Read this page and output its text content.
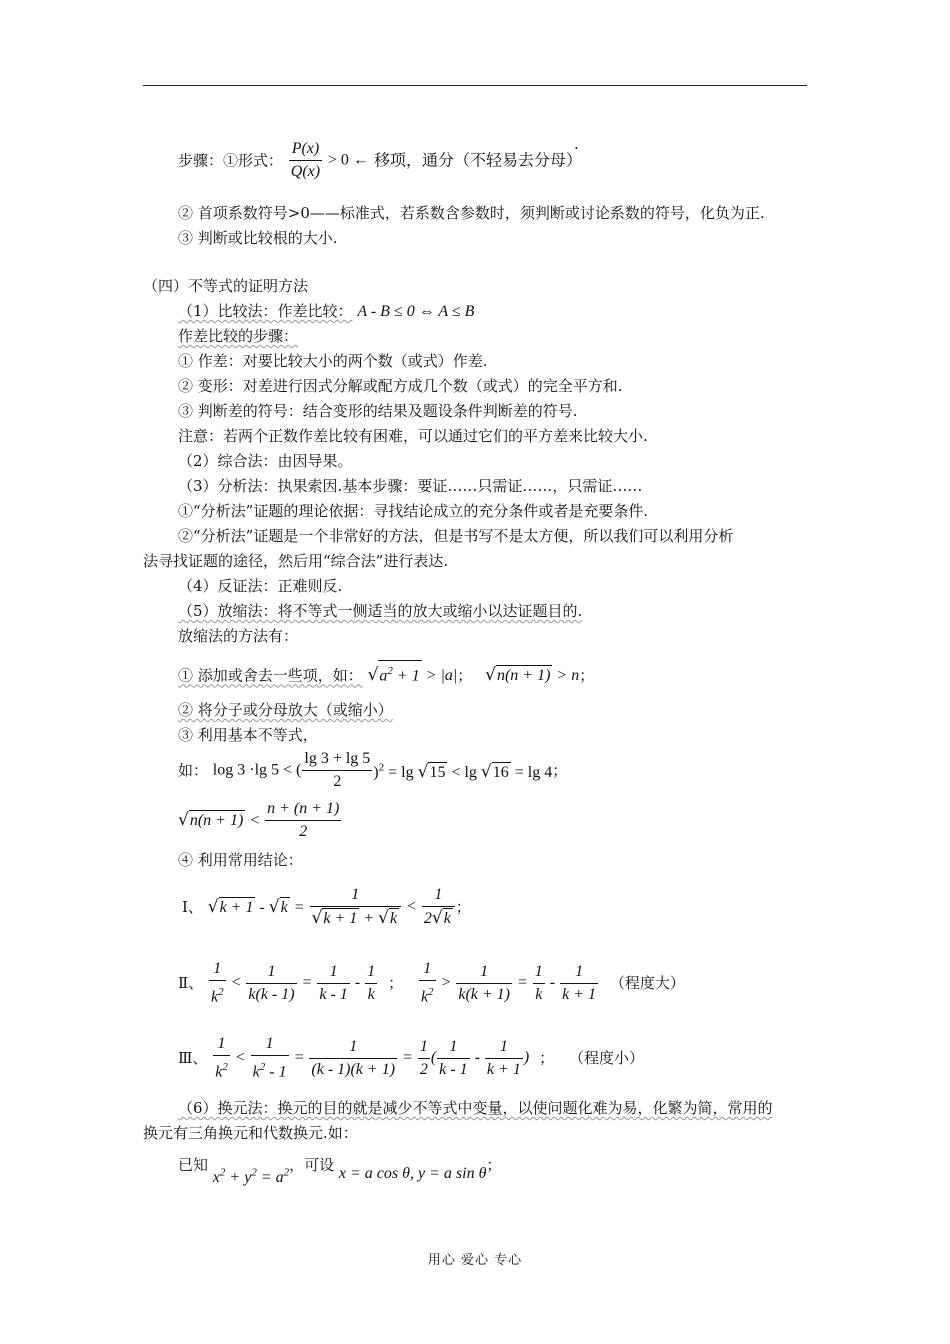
步骤：①形式： $\frac{P(x)}{Q(x)} > 0$ ← 移项，通分（不轻易去分母）·
② 首项系数符号>0——标准式，若系数含参数时，须判断或讨论系数的符号，化负为正.
③ 判断或比较根的大小.
（四）不等式的证明方法
（1）比较法：作差比较： A - B ≤ 0 ⇔ A ≤ B
作差比较的步骤：
① 作差：对要比较大小的两个数（或式）作差.
② 变形：对差进行因式分解或配方成几个数（或式）的完全平方和.
③ 判断差的符号：结合变形的结果及题设条件判断差的符号.
注意：若两个正数作差比较有困难，可以通过它们的平方差来比较大小.
（2）综合法：由因导果。
（3）分析法：执果索因.基本步骤：要证……只需证……，只需证……
①“分析法”证题的理论依据：寻找结论成立的充分条件或者是充要条件.
②“分析法”证题是一个非常好的方法，但是书写不是太方便，所以我们可以利用分析
法寻找证题的途径，然后用“综合法”进行表达.
（4）反证法：正难则反.
（5）放缩法：将不等式一侧适当的放大或缩小以达证题目的.
放缩法的方法有：
① 添加或舍去一些项，如： $√a^2 + 1 > |a|$； √n(n + 1) > n；
② 将分子或分母放大（或缩小）
③ 利用基本不等式，
如： log 3 ·lg 5 < ( $\frac{\lg 3 + \lg 5}{2} )^2 = \lg √15 < \lg √16 = \lg 4$；
$√n(n + 1) < \frac{n + (n + 1)}{2}$
④ 利用常用结论：
Ⅰ、 $√k + 1 - √k = \frac{1}{√k + 1 + √k} < \frac{1}{2√k}$ ；
Ⅱ、 $\frac{1}{k^2} < \frac{1}{k(k - 1)} = \frac{1}{k - 1} - \frac{1}{k}$ ； $\frac{1}{k^2} > \frac{1}{k(k + 1)} = \frac{1}{k} - \frac{1}{k + 1}$ （程度大）
Ⅲ、 $\frac{1}{k^2} < \frac{1}{k^2 - 1} = \frac{1}{(k - 1)(k + 1)} = \frac{1}{2}$ ( $\frac{1}{k - 1} - \frac{1}{k + 1}$ ) ； （程度小）
（6）换元法：换元的目的就是减少不等式中变量，以使问题化难为易，化繁为简，常用的
换元有三角换元和代数换元.如：
已知 $x^2 + y^2 = a^2$，可设 x = a cos θ, y = a sin θ；
用心 爱心 专心
